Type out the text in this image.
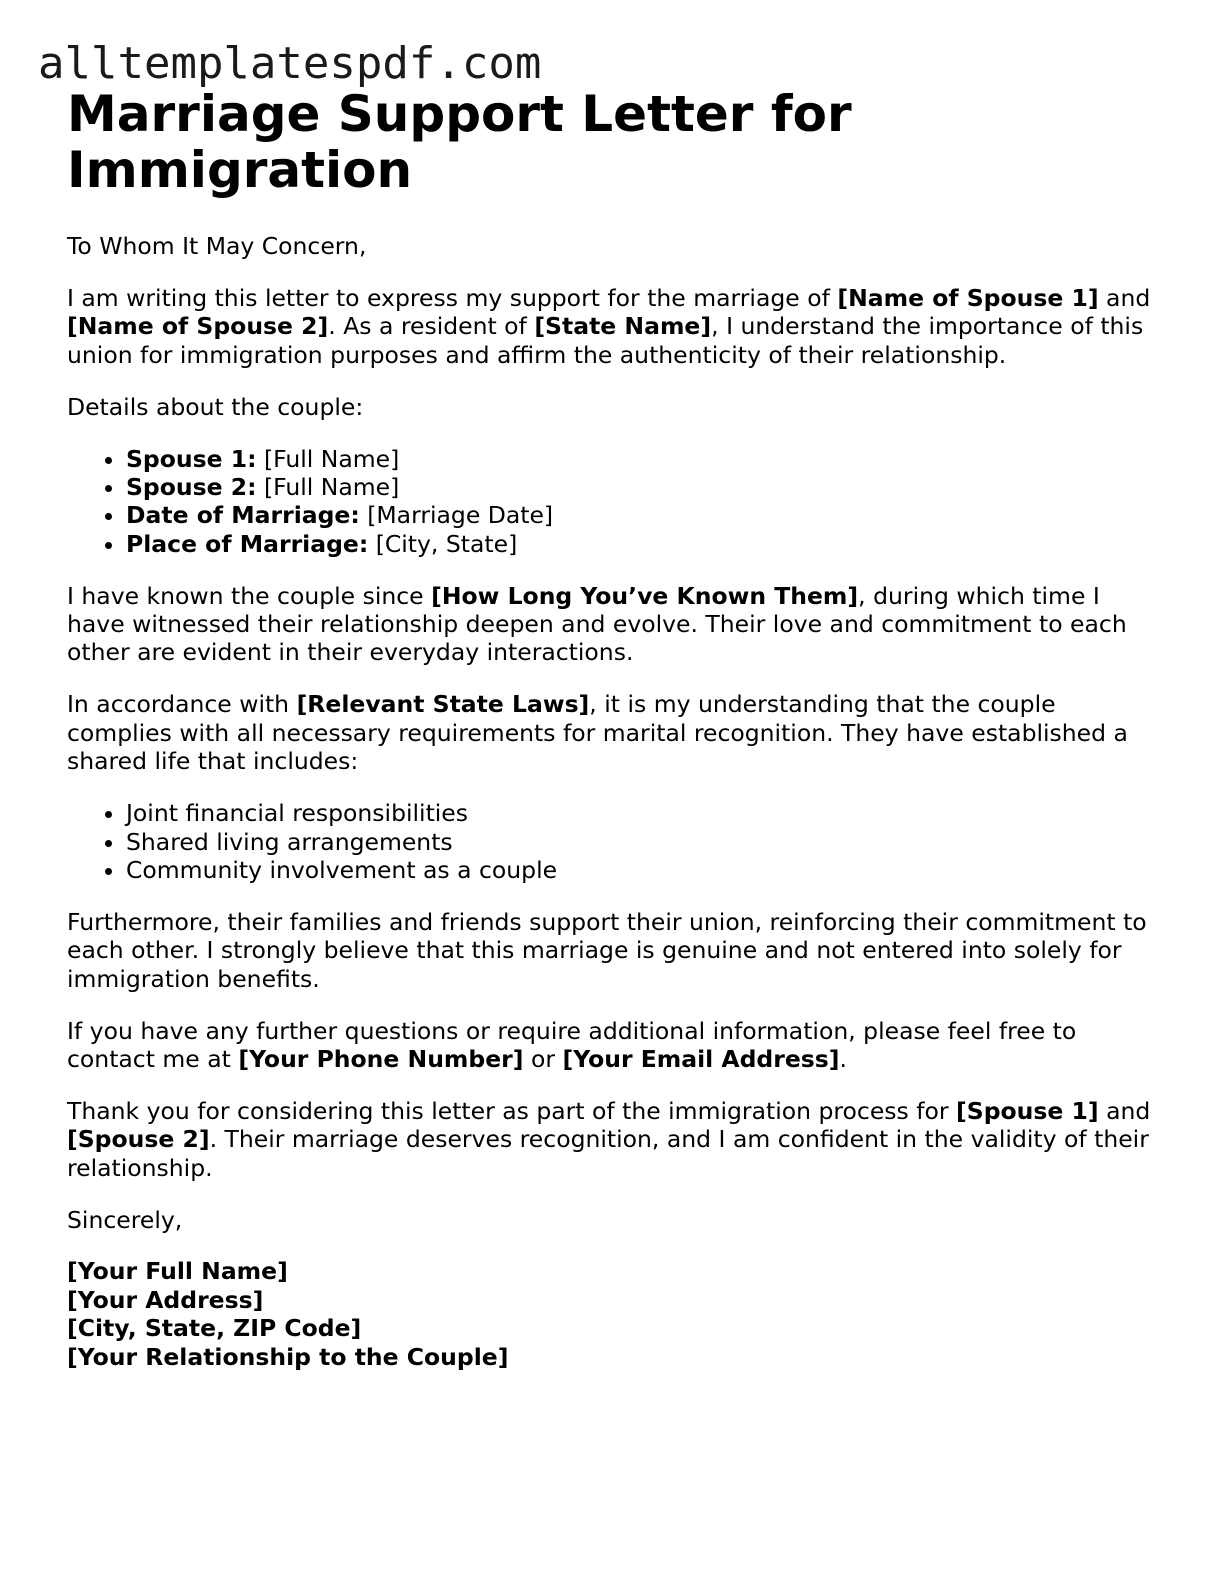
alltemplatespdf.com
Marriage Support Letter for Immigration

To Whom It May Concern,

I am writing this letter to express my support for the marriage of [Name of Spouse 1] and [Name of Spouse 2]. As a resident of [State Name], I understand the importance of this union for immigration purposes and affirm the authenticity of their relationship.

Details about the couple:

• Spouse 1: [Full Name]
• Spouse 2: [Full Name]
• Date of Marriage: [Marriage Date]
• Place of Marriage: [City, State]

I have known the couple since [How Long You’ve Known Them], during which time I have witnessed their relationship deepen and evolve. Their love and commitment to each other are evident in their everyday interactions.

In accordance with [Relevant State Laws], it is my understanding that the couple complies with all necessary requirements for marital recognition. They have established a shared life that includes:

• Joint financial responsibilities
• Shared living arrangements
• Community involvement as a couple

Furthermore, their families and friends support their union, reinforcing their commitment to each other. I strongly believe that this marriage is genuine and not entered into solely for immigration benefits.

If you have any further questions or require additional information, please feel free to contact me at [Your Phone Number] or [Your Email Address].

Thank you for considering this letter as part of the immigration process for [Spouse 1] and [Spouse 2]. Their marriage deserves recognition, and I am confident in the validity of their relationship.

Sincerely,

[Your Full Name]
[Your Address]
[City, State, ZIP Code]
[Your Relationship to the Couple]
